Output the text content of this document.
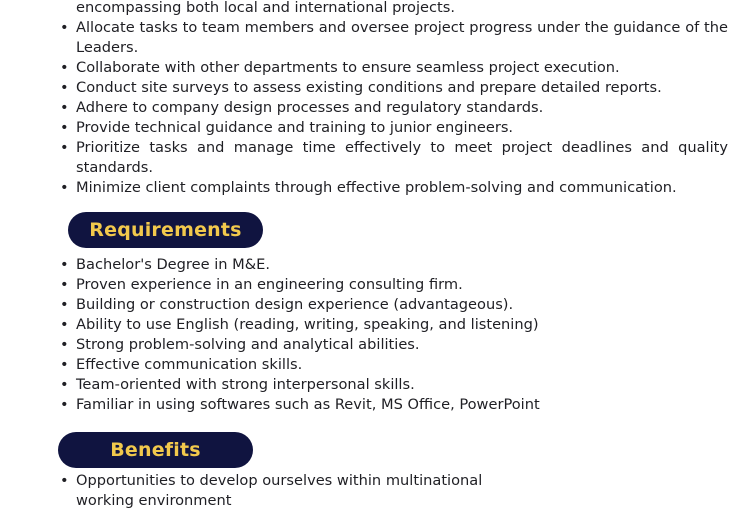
encompassing both local and international projects.
• Allocate tasks to team members and oversee project progress under the guidance of the Leaders.
• Collaborate with other departments to ensure seamless project execution.
• Conduct site surveys to assess existing conditions and prepare detailed reports.
• Adhere to company design processes and regulatory standards.
• Provide technical guidance and training to junior engineers.
• Prioritize tasks and manage time effectively to meet project deadlines and quality standards.
• Minimize client complaints through effective problem-solving and communication.
Requirements
• Bachelor's Degree in M&E.
• Proven experience in an engineering consulting firm.
• Building or construction design experience (advantageous).
• Ability to use English (reading, writing, speaking, and listening)
• Strong problem-solving and analytical abilities.
• Effective communication skills.
• Team-oriented with strong interpersonal skills.
• Familiar in using softwares such as Revit, MS Office, PowerPoint
Benefits
• Opportunities to develop ourselves within multinational working environment
